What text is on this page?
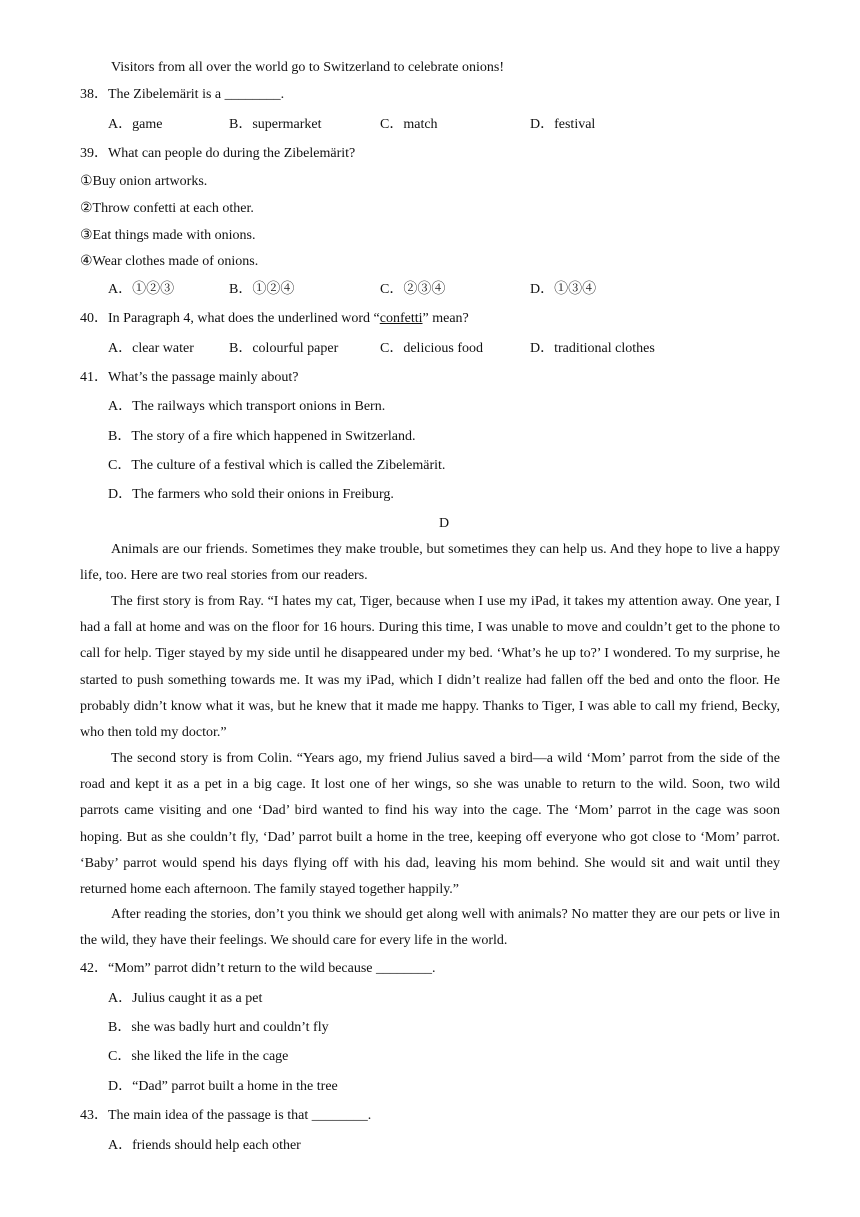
Visitors from all over the world go to Switzerland to celebrate onions!
38．The Zibelemärit is a ________.
A．game	B．supermarket	C．match	D．festival
39．What can people do during the Zibelemärit?
①Buy onion artworks.
②Throw confetti at each other.
③Eat things made with onions.
④Wear clothes made of onions.
A．①②③	B．①②④	C．②③④	D．①③④
40．In Paragraph 4, what does the underlined word “confetti” mean?
A．clear water	B．colourful paper	C．delicious food	D．traditional clothes
41．What’s the passage mainly about?
A．The railways which transport onions in Bern.
B．The story of a fire which happened in Switzerland.
C．The culture of a festival which is called the Zibelemärit.
D．The farmers who sold their onions in Freiburg.
D
Animals are our friends. Sometimes they make trouble, but sometimes they can help us. And they hope to live a happy life, too. Here are two real stories from our readers.
The first story is from Ray. “I hates my cat, Tiger, because when I use my iPad, it takes my attention away. One year, I had a fall at home and was on the floor for 16 hours. During this time, I was unable to move and couldn’t get to the phone to call for help. Tiger stayed by my side until he disappeared under my bed. ‘What’s he up to?’ I wondered. To my surprise, he started to push something towards me. It was my iPad, which I didn’t realize had fallen off the bed and onto the floor. He probably didn’t know what it was, but he knew that it made me happy. Thanks to Tiger, I was able to call my friend, Becky, who then told my doctor.”
The second story is from Colin. “Years ago, my friend Julius saved a bird—a wild ‘Mom’ parrot from the side of the road and kept it as a pet in a big cage. It lost one of her wings, so she was unable to return to the wild. Soon, two wild parrots came visiting and one ‘Dad’ bird wanted to find his way into the cage. The ‘Mom’ parrot in the cage was soon hoping. But as she couldn’t fly, ‘Dad’ parrot built a home in the tree, keeping off everyone who got close to ‘Mom’ parrot. ‘Baby’ parrot would spend his days flying off with his dad, leaving his mom behind. She would sit and wait until they returned home each afternoon. The family stayed together happily.”
After reading the stories, don’t you think we should get along well with animals? No matter they are our pets or live in the wild, they have their feelings. We should care for every life in the world.
42．“Mom” parrot didn’t return to the wild because ________.
A．Julius caught it as a pet
B．she was badly hurt and couldn’t fly
C．she liked the life in the cage
D．“Dad” parrot built a home in the tree
43．The main idea of the passage is that ________.
A．friends should help each other
